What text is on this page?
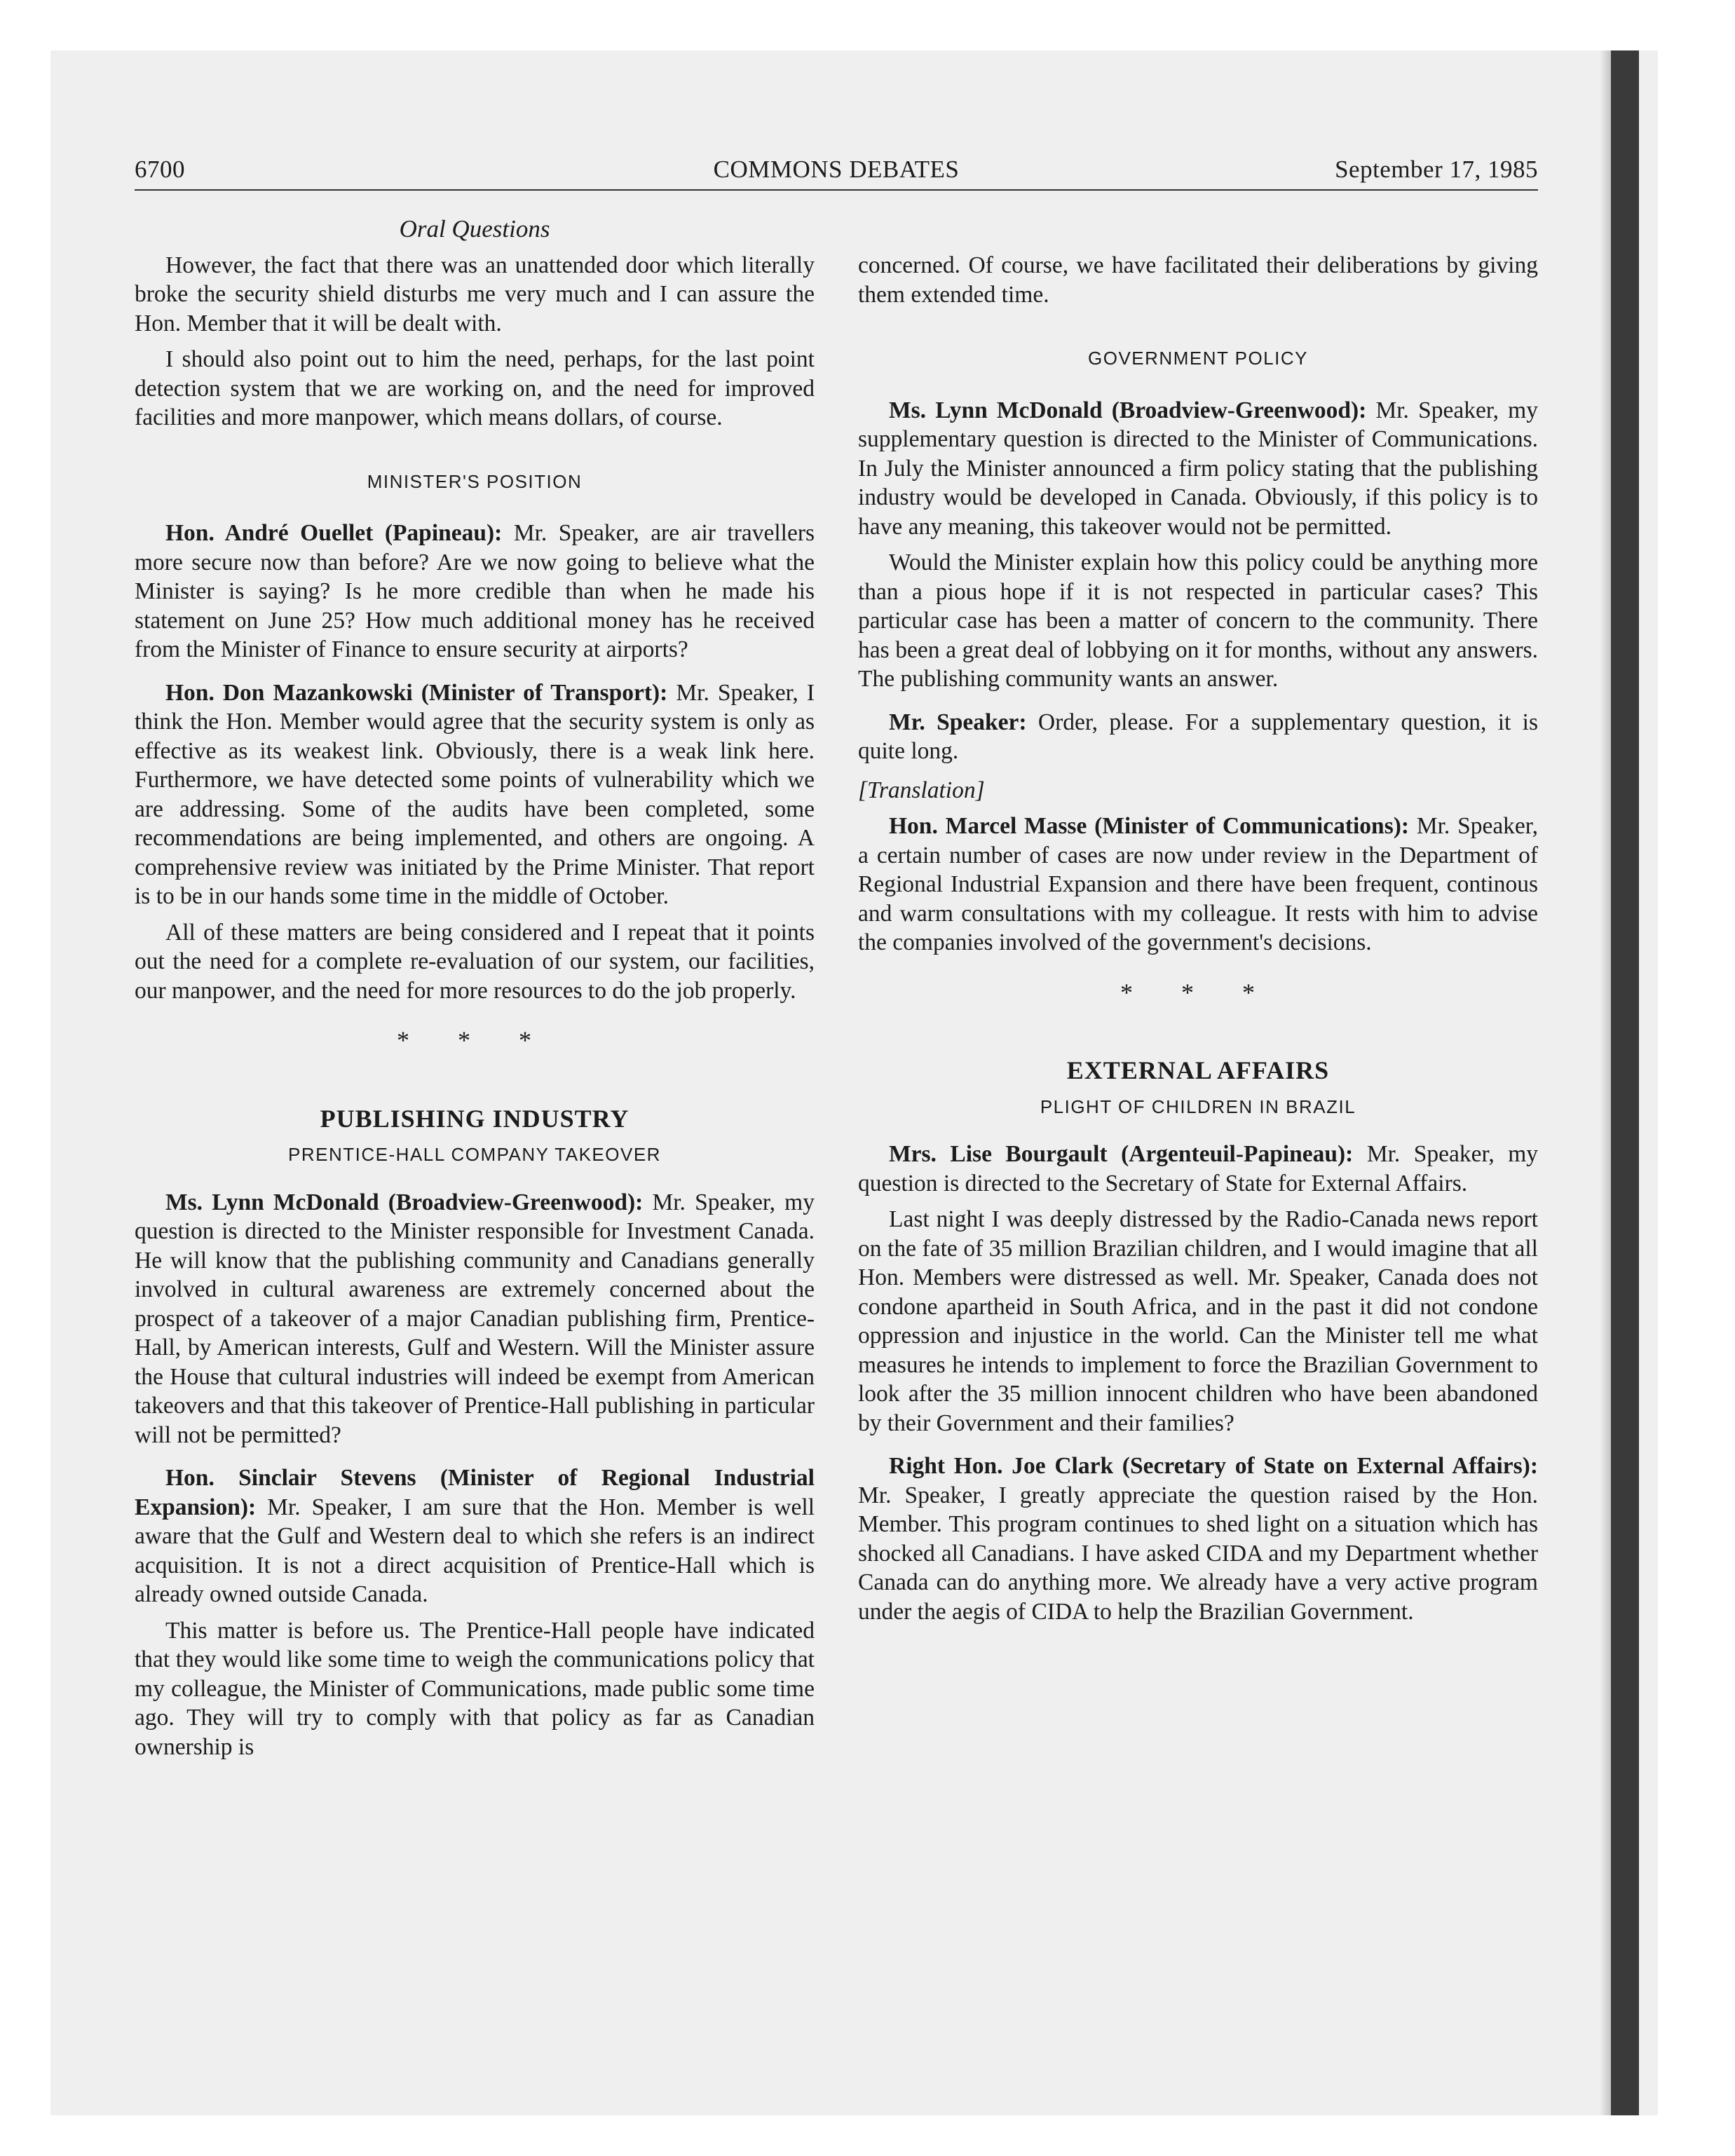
6700	COMMONS DEBATES	September 17, 1985
Oral Questions

However, the fact that there was an unattended door which literally broke the security shield disturbs me very much and I can assure the Hon. Member that it will be dealt with.

I should also point out to him the need, perhaps, for the last point detection system that we are working on, and the need for improved facilities and more manpower, which means dollars, of course.

MINISTER'S POSITION

Hon. André Ouellet (Papineau): Mr. Speaker, are air travellers more secure now than before? Are we now going to believe what the Minister is saying? Is he more credible than when he made his statement on June 25? How much additional money has he received from the Minister of Finance to ensure security at airports?

Hon. Don Mazankowski (Minister of Transport): Mr. Speaker, I think the Hon. Member would agree that the security system is only as effective as its weakest link. Obviously, there is a weak link here. Furthermore, we have detected some points of vulnerability which we are addressing. Some of the audits have been completed, some recommendations are being implemented, and others are ongoing. A comprehensive review was initiated by the Prime Minister. That report is to be in our hands some time in the middle of October.

All of these matters are being considered and I repeat that it points out the need for a complete re-evaluation of our system, our facilities, our manpower, and the need for more resources to do the job properly.

* * *
PUBLISHING INDUSTRY
PRENTICE-HALL COMPANY TAKEOVER

Ms. Lynn McDonald (Broadview-Greenwood): Mr. Speaker, my question is directed to the Minister responsible for Investment Canada. He will know that the publishing community and Canadians generally involved in cultural awareness are extremely concerned about the prospect of a takeover of a major Canadian publishing firm, Prentice-Hall, by American interests, Gulf and Western. Will the Minister assure the House that cultural industries will indeed be exempt from American takeovers and that this takeover of Prentice-Hall publishing in particular will not be permitted?

Hon. Sinclair Stevens (Minister of Regional Industrial Expansion): Mr. Speaker, I am sure that the Hon. Member is well aware that the Gulf and Western deal to which she refers is an indirect acquisition. It is not a direct acquisition of Prentice-Hall which is already owned outside Canada.

This matter is before us. The Prentice-Hall people have indicated that they would like some time to weigh the communications policy that my colleague, the Minister of Communications, made public some time ago. They will try to comply with that policy as far as Canadian ownership is

concerned. Of course, we have facilitated their deliberations by giving them extended time.

GOVERNMENT POLICY

Ms. Lynn McDonald (Broadview-Greenwood): Mr. Speaker, my supplementary question is directed to the Minister of Communications. In July the Minister announced a firm policy stating that the publishing industry would be developed in Canada. Obviously, if this policy is to have any meaning, this takeover would not be permitted.

Would the Minister explain how this policy could be anything more than a pious hope if it is not respected in particular cases? This particular case has been a matter of concern to the community. There has been a great deal of lobbying on it for months, without any answers. The publishing community wants an answer.

Mr. Speaker: Order, please. For a supplementary question, it is quite long.

[Translation]

Hon. Marcel Masse (Minister of Communications): Mr. Speaker, a certain number of cases are now under review in the Department of Regional Industrial Expansion and there have been frequent, continous and warm consultations with my colleague. It rests with him to advise the companies involved of the government's decisions.

* * *
EXTERNAL AFFAIRS
PLIGHT OF CHILDREN IN BRAZIL

Mrs. Lise Bourgault (Argenteuil-Papineau): Mr. Speaker, my question is directed to the Secretary of State for External Affairs.

Last night I was deeply distressed by the Radio-Canada news report on the fate of 35 million Brazilian children, and I would imagine that all Hon. Members were distressed as well. Mr. Speaker, Canada does not condone apartheid in South Africa, and in the past it did not condone oppression and injustice in the world. Can the Minister tell me what measures he intends to implement to force the Brazilian Government to look after the 35 million innocent children who have been abandoned by their Government and their families?

Right Hon. Joe Clark (Secretary of State on External Affairs): Mr. Speaker, I greatly appreciate the question raised by the Hon. Member. This program continues to shed light on a situation which has shocked all Canadians. I have asked CIDA and my Department whether Canada can do anything more. We already have a very active program under the aegis of CIDA to help the Brazilian Government.
